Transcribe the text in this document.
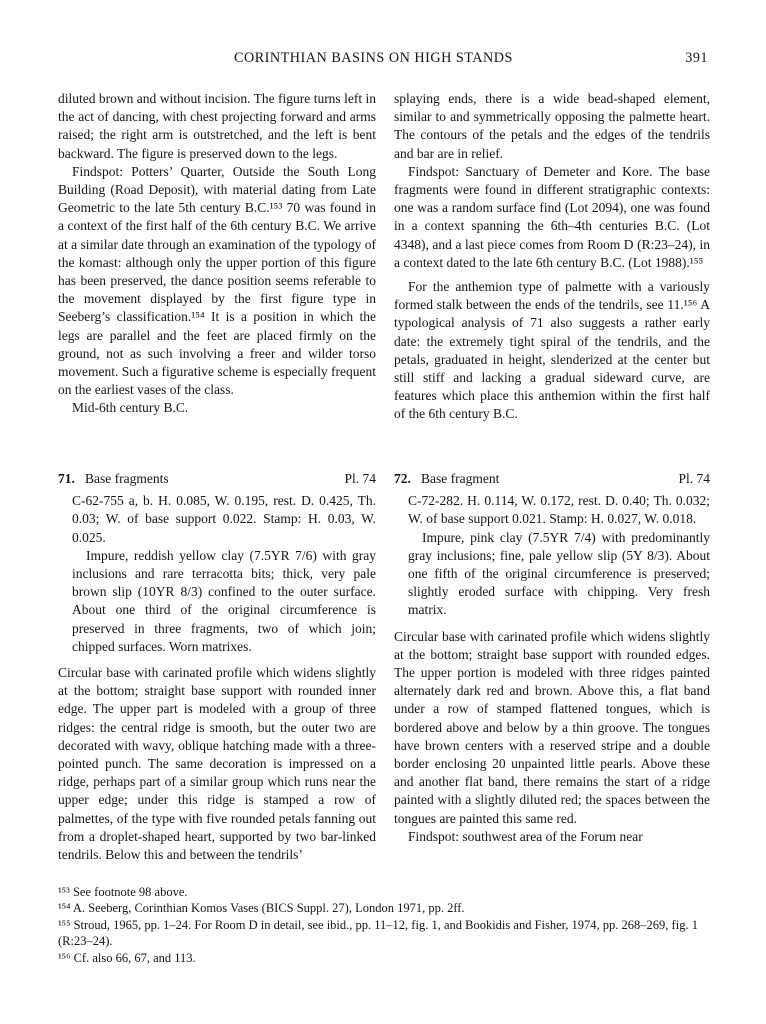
CORINTHIAN BASINS ON HIGH STANDS	391

diluted brown and without incision. The figure turns left in the act of dancing, with chest projecting forward and arms raised; the right arm is outstretched, and the left is bent backward. The figure is preserved down to the legs.

Findspot: Potters’ Quarter, Outside the South Long Building (Road Deposit), with material dating from Late Geometric to the late 5th century B.C.¹⁵³ 70 was found in a context of the first half of the 6th century B.C. We arrive at a similar date through an examination of the typology of the komast: although only the upper portion of this figure has been preserved, the dance position seems referable to the movement displayed by the first figure type in Seeberg’s classification.¹⁵⁴ It is a position in which the legs are parallel and the feet are placed firmly on the ground, not as such involving a freer and wilder torso movement. Such a figurative scheme is especially frequent on the earliest vases of the class.

Mid-6th century B.C.

71. Base fragments	Pl. 74

C-62-755 a, b. H. 0.085, W. 0.195, rest. D. 0.425, Th. 0.03; W. of base support 0.022. Stamp: H. 0.03, W. 0.025.

Impure, reddish yellow clay (7.5YR 7/6) with gray inclusions and rare terracotta bits; thick, very pale brown slip (10YR 8/3) confined to the outer surface. About one third of the original circumference is preserved in three fragments, two of which join; chipped surfaces. Worn matrixes.

Circular base with carinated profile which widens slightly at the bottom; straight base support with rounded inner edge. The upper part is modeled with a group of three ridges: the central ridge is smooth, but the outer two are decorated with wavy, oblique hatching made with a three-pointed punch. The same decoration is impressed on a ridge, perhaps part of a similar group which runs near the upper edge; under this ridge is stamped a row of palmettes, of the type with five rounded petals fanning out from a droplet-shaped heart, supported by two bar-linked tendrils. Below this and between the tendrils’

splaying ends, there is a wide bead-shaped element, similar to and symmetrically opposing the palmette heart. The contours of the petals and the edges of the tendrils and bar are in relief.

Findspot: Sanctuary of Demeter and Kore. The base fragments were found in different stratigraphic contexts: one was a random surface find (Lot 2094), one was found in a context spanning the 6th–4th centuries B.C. (Lot 4348), and a last piece comes from Room D (R:23–24), in a context dated to the late 6th century B.C. (Lot 1988).¹⁵⁵

For the anthemion type of palmette with a variously formed stalk between the ends of the tendrils, see 11.¹⁵⁶ A typological analysis of 71 also suggests a rather early date: the extremely tight spiral of the tendrils, and the petals, graduated in height, slenderized at the center but still stiff and lacking a gradual sideward curve, are features which place this anthemion within the first half of the 6th century B.C.

72. Base fragment	Pl. 74

C-72-282. H. 0.114, W. 0.172, rest. D. 0.40; Th. 0.032; W. of base support 0.021. Stamp: H. 0.027, W. 0.018.

Impure, pink clay (7.5YR 7/4) with predominantly gray inclusions; fine, pale yellow slip (5Y 8/3). About one fifth of the original circumference is preserved; slightly eroded surface with chipping. Very fresh matrix.

Circular base with carinated profile which widens slightly at the bottom; straight base support with rounded edges. The upper portion is modeled with three ridges painted alternately dark red and brown. Above this, a flat band under a row of stamped flattened tongues, which is bordered above and below by a thin groove. The tongues have brown centers with a reserved stripe and a double border enclosing 20 unpainted little pearls. Above these and another flat band, there remains the start of a ridge painted with a slightly diluted red; the spaces between the tongues are painted this same red.

Findspot: southwest area of the Forum near

¹⁵³ See footnote 98 above.

¹⁵⁴ A. Seeberg, Corinthian Komos Vases (BICS Suppl. 27), London 1971, pp. 2ff.

¹⁵⁵ Stroud, 1965, pp. 1–24. For Room D in detail, see ibid., pp. 11–12, fig. 1, and Bookidis and Fisher, 1974, pp. 268–269, fig. 1 (R:23–24).

¹⁵⁶ Cf. also 66, 67, and 113.
